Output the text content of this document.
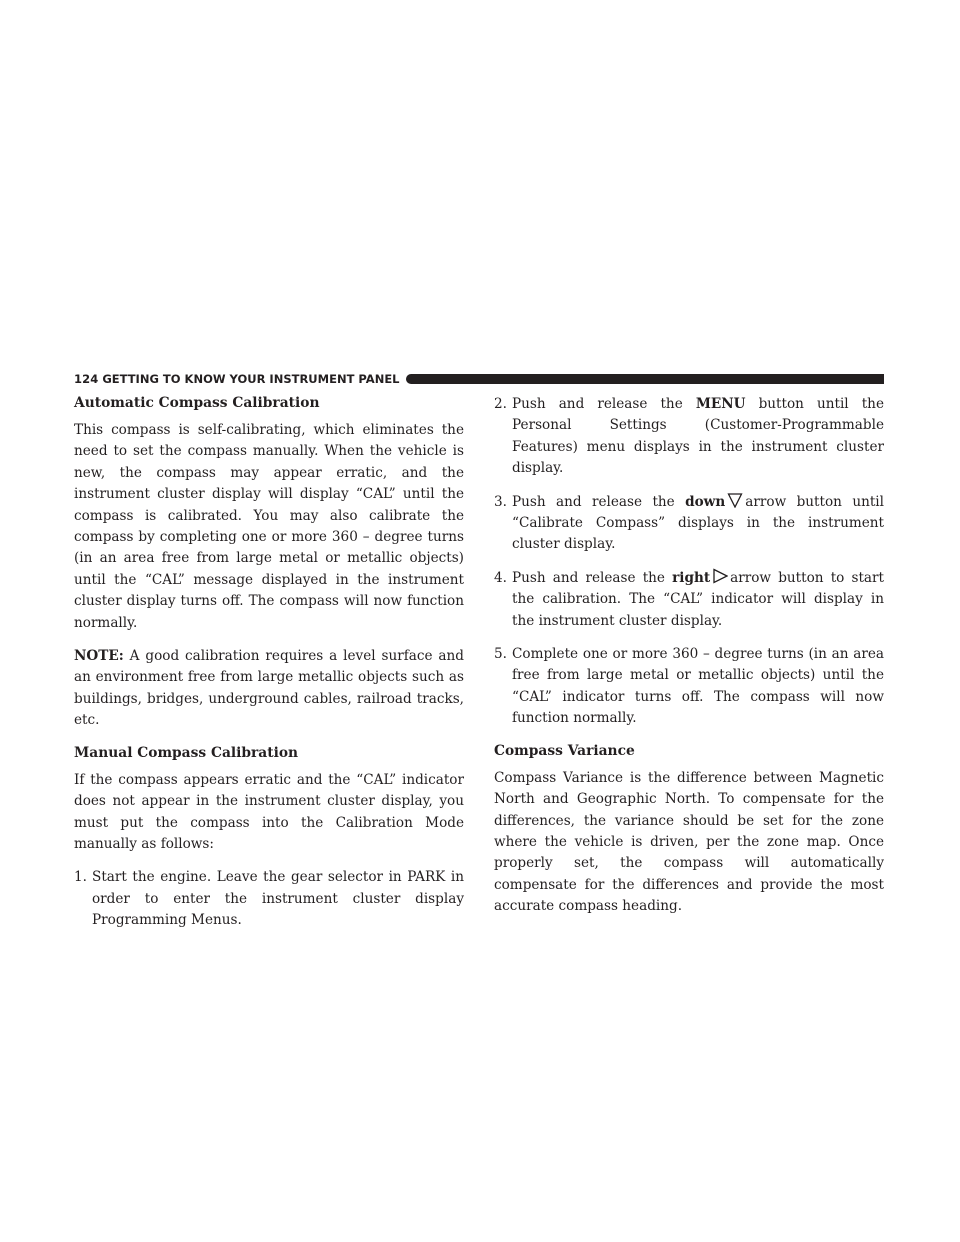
124 GETTING TO KNOW YOUR INSTRUMENT PANEL
Automatic Compass Calibration

This compass is self-calibrating, which eliminates the need to set the compass manually. When the vehicle is new, the compass may appear erratic, and the instrument cluster display will display “CAL” until the compass is calibrated. You may also calibrate the compass by completing one or more 360 – degree turns (in an area free from large metal or metallic objects) until the “CAL” message displayed in the instrument cluster display turns off. The compass will now function normally.

NOTE: A good calibration requires a level surface and an environment free from large metallic objects such as buildings, bridges, underground cables, railroad tracks, etc.

Manual Compass Calibration

If the compass appears erratic and the “CAL” indicator does not appear in the instrument cluster display, you must put the compass into the Calibration Mode manually as follows:

1. Start the engine. Leave the gear selector in PARK in order to enter the instrument cluster display Programming Menus.
2. Push and release the MENU button until the Personal Settings (Customer-Programmable Features) menu displays in the instrument cluster display.
3. Push and release the down arrow button until “Calibrate Compass” displays in the instrument cluster display.
4. Push and release the right arrow button to start the calibration. The “CAL” indicator will display in the instrument cluster display.
5. Complete one or more 360 – degree turns (in an area free from large metal or metallic objects) until the “CAL” indicator turns off. The compass will now function normally.
Compass Variance

Compass Variance is the difference between Magnetic North and Geographic North. To compensate for the differences, the variance should be set for the zone where the vehicle is driven, per the zone map. Once properly set, the compass will automatically compensate for the differences and provide the most accurate compass heading.
